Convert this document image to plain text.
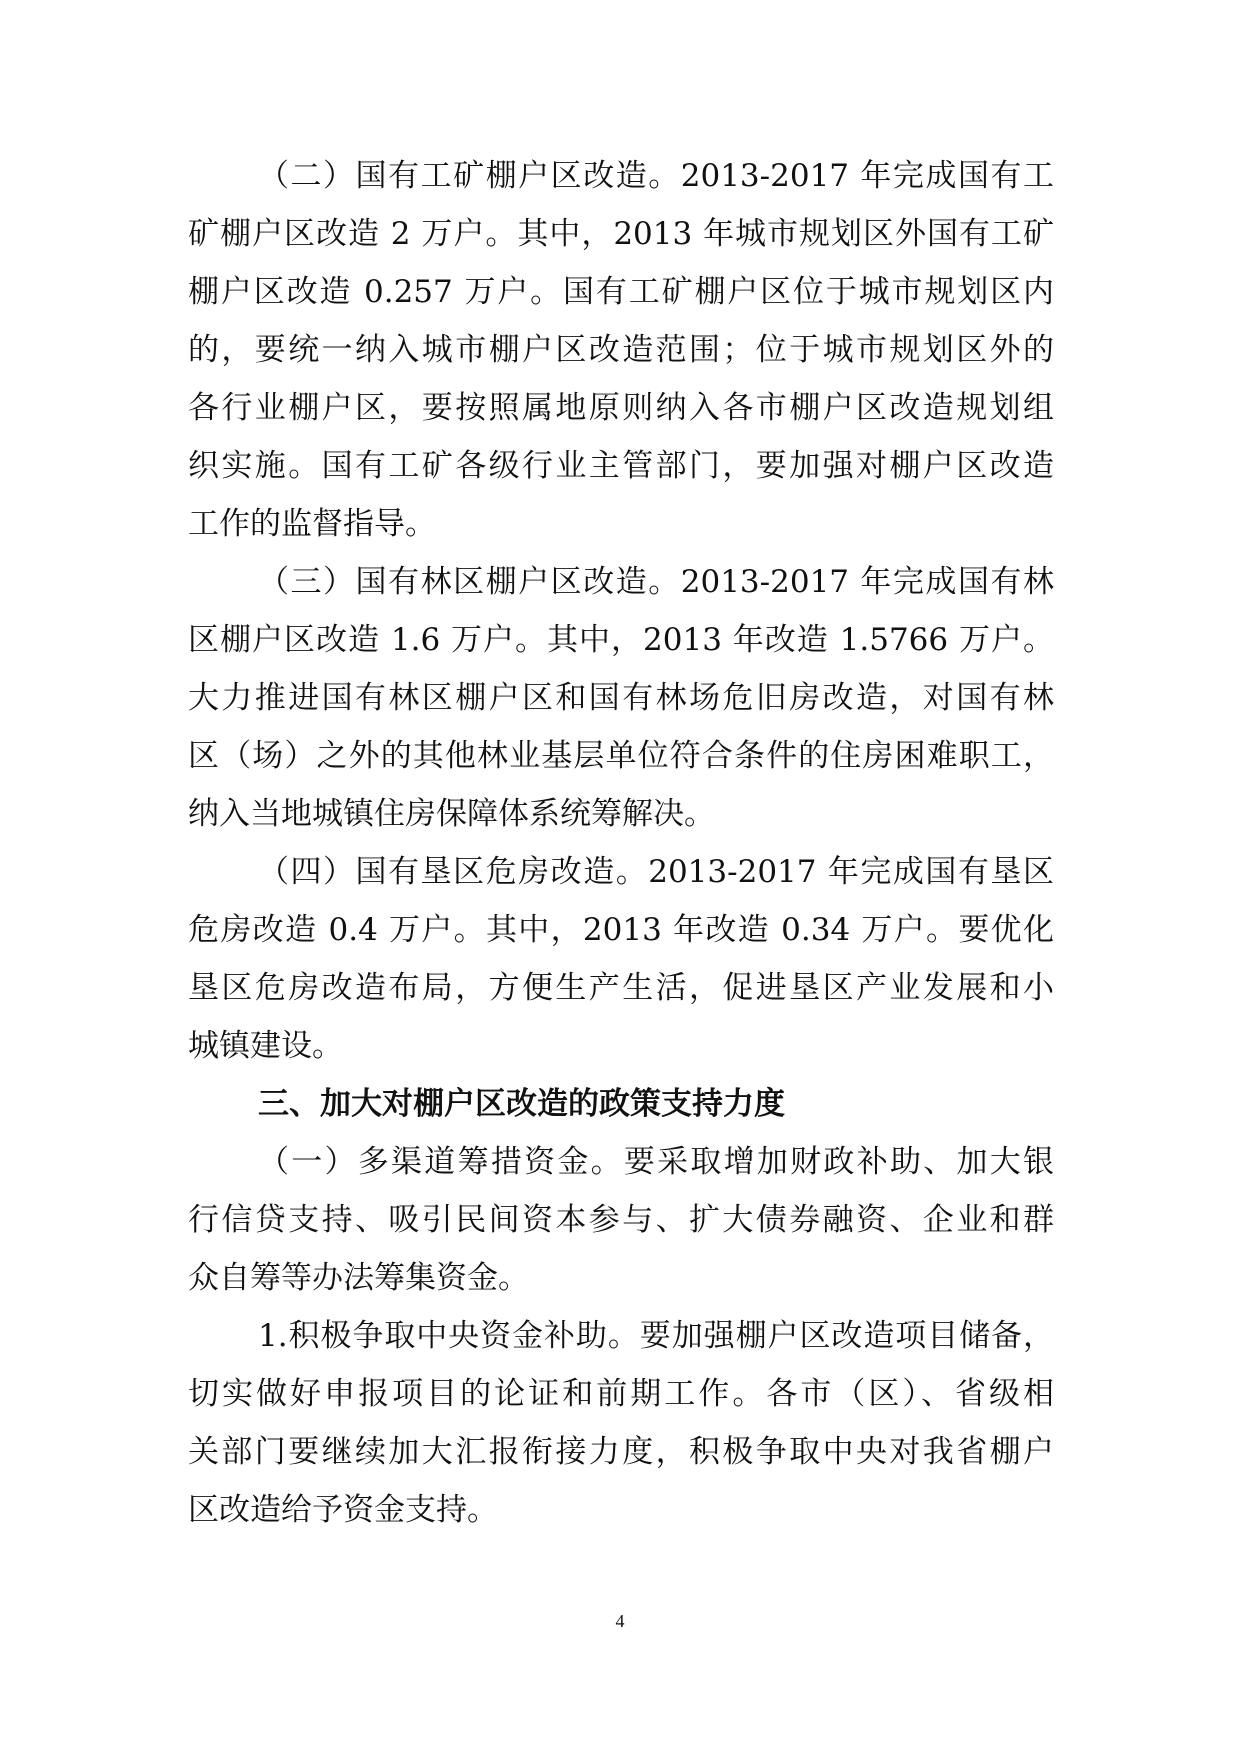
（二）国有工矿棚户区改造。2013-2017 年完成国有工
矿棚户区改造 2 万户。其中，2013 年城市规划区外国有工矿
棚户区改造 0.257 万户。国有工矿棚户区位于城市规划区内
的，要统一纳入城市棚户区改造范围；位于城市规划区外的
各行业棚户区，要按照属地原则纳入各市棚户区改造规划组
织实施。国有工矿各级行业主管部门，要加强对棚户区改造
工作的监督指导。
（三）国有林区棚户区改造。2013-2017 年完成国有林
区棚户区改造 1.6 万户。其中，2013 年改造 1.5766 万户。
大力推进国有林区棚户区和国有林场危旧房改造，对国有林
区（场）之外的其他林业基层单位符合条件的住房困难职工，
纳入当地城镇住房保障体系统筹解决。
（四）国有垦区危房改造。2013-2017 年完成国有垦区
危房改造 0.4 万户。其中，2013 年改造 0.34 万户。要优化
垦区危房改造布局，方便生产生活，促进垦区产业发展和小
城镇建设。
三、加大对棚户区改造的政策支持力度
（一）多渠道筹措资金。要采取增加财政补助、加大银
行信贷支持、吸引民间资本参与、扩大债券融资、企业和群
众自筹等办法筹集资金。
1.积极争取中央资金补助。要加强棚户区改造项目储备，
切实做好申报项目的论证和前期工作。各市（区）、省级相
关部门要继续加大汇报衔接力度，积极争取中央对我省棚户
区改造给予资金支持。
4
